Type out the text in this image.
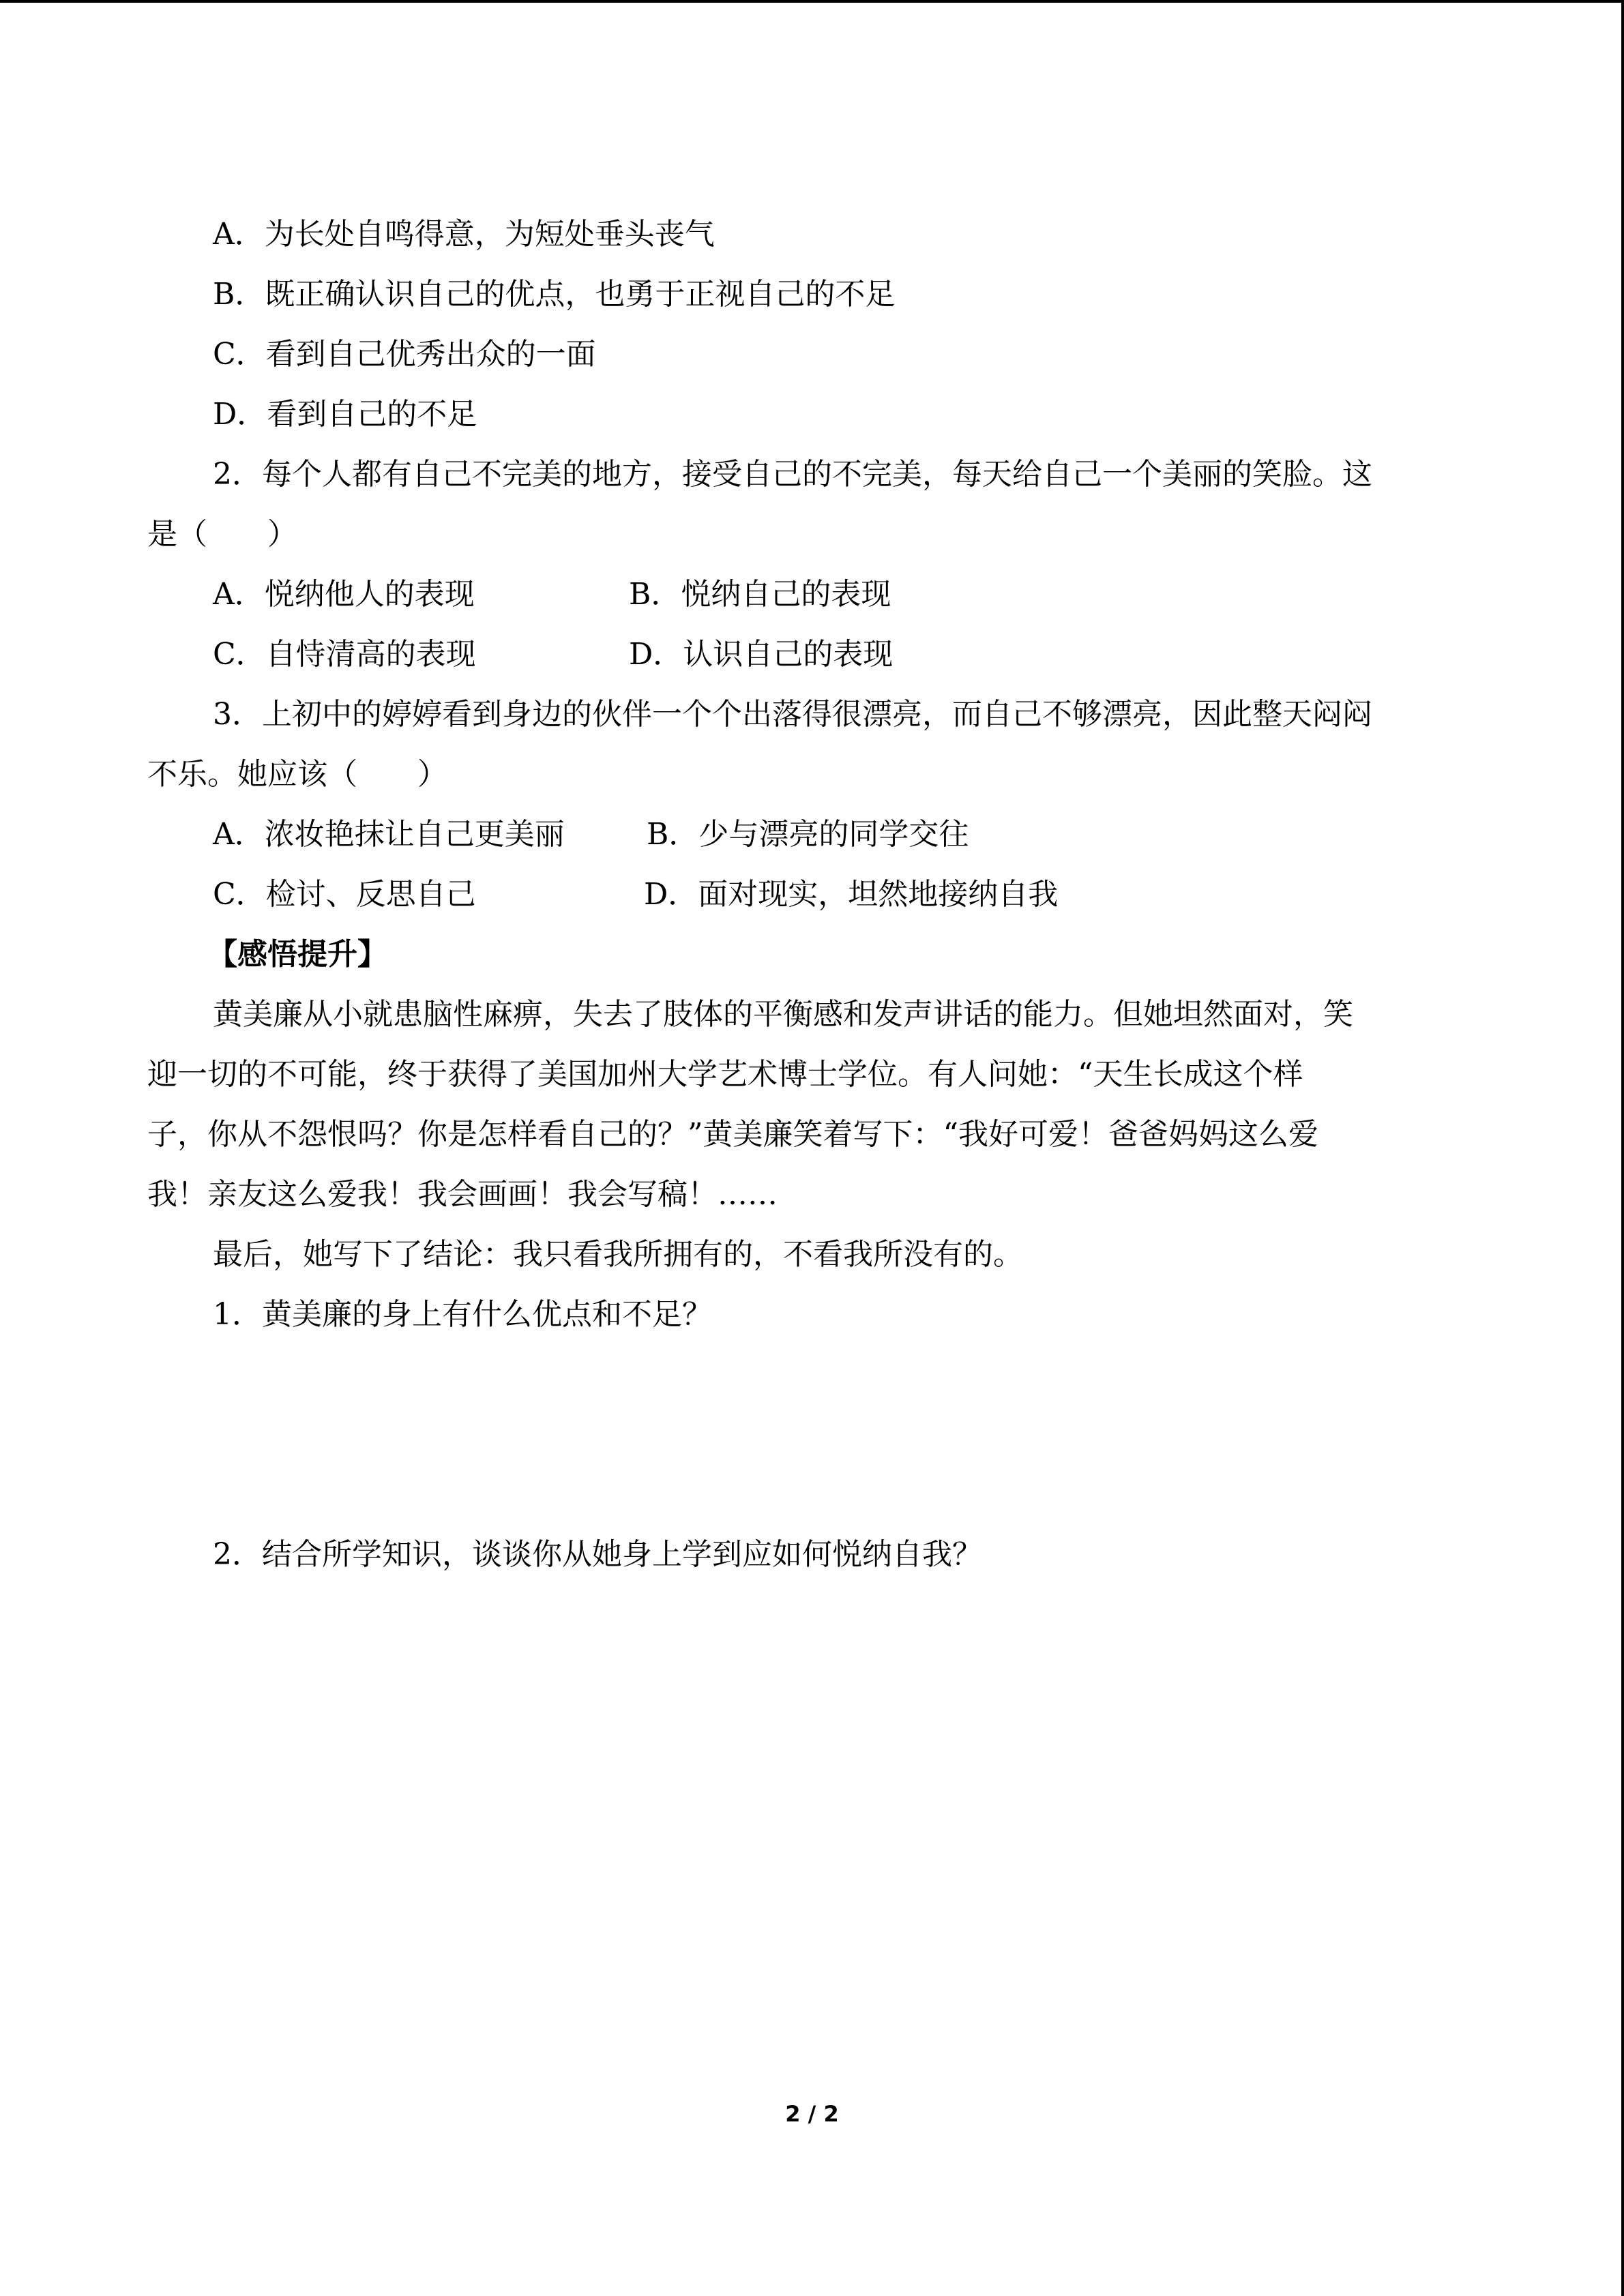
A．为长处自鸣得意，为短处垂头丧气
B．既正确认识自己的优点，也勇于正视自己的不足
C．看到自己优秀出众的一面
D．看到自己的不足
2．每个人都有自己不完美的地方，接受自己的不完美，每天给自己一个美丽的笑脸。这
是（　　）
A．悦纳他人的表现	B．悦纳自己的表现
C．自恃清高的表现	D．认识自己的表现
3．上初中的婷婷看到身边的伙伴一个个出落得很漂亮，而自己不够漂亮，因此整天闷闷
不乐。她应该（　　）
A．浓妆艳抹让自己更美丽	B．少与漂亮的同学交往
C．检讨、反思自己	D．面对现实，坦然地接纳自我
【感悟提升】
黄美廉从小就患脑性麻痹，失去了肢体的平衡感和发声讲话的能力。但她坦然面对，笑
迎一切的不可能，终于获得了美国加州大学艺术博士学位。有人问她：“天生长成这个样
子，你从不怨恨吗？你是怎样看自己的？”黄美廉笑着写下：“我好可爱！爸爸妈妈这么爱
我！亲友这么爱我！我会画画！我会写稿！……
最后，她写下了结论：我只看我所拥有的，不看我所没有的。
1．黄美廉的身上有什么优点和不足？
2．结合所学知识，谈谈你从她身上学到应如何悦纳自我？
2 / 2
